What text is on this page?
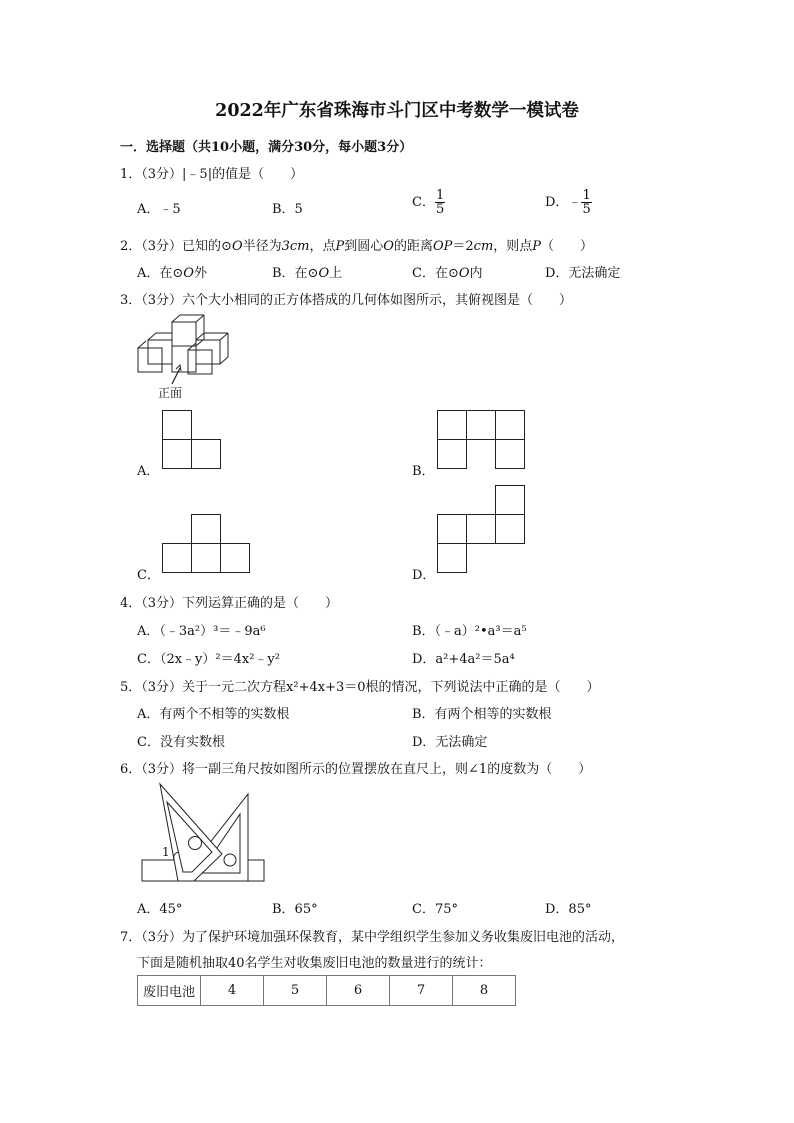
2022年广东省珠海市斗门区中考数学一模试卷
一．选择题（共10小题，满分30分，每小题3分）
1．（3分）|﹣5|的值是（　　）
A．﹣5	B．5	C． $\frac{1}{5}$	D．﹣ $\frac{1}{5}$
2．（3分）已知的⊙O半径为3cm，点P到圆心O的距离OP＝2cm，则点P（　　）
A．在⊙O外	B．在⊙O上	C．在⊙O内	D．无法确定
3．（3分）六个大小相同的正方体搭成的几何体如图所示，其俯视图是（　　）
正面
A．	B．
C．	D．
4．（3分）下列运算正确的是（　　）
A．（﹣3a²）³＝﹣9a⁶	B．（﹣a）²•a³＝a⁵
C．（2x﹣y）²＝4x²﹣y²	D．a²+4a²＝5a⁴
5．（3分）关于一元二次方程x²+4x+3＝0根的情况，下列说法中正确的是（　　）
A．有两个不相等的实数根	B．有两个相等的实数根
C．没有实数根	D．无法确定
6．（3分）将一副三角尺按如图所示的位置摆放在直尺上，则∠1的度数为（　　）
1
A．45°	B．65°	C．75°	D．85°
7．（3分）为了保护环境加强环保教育，某中学组织学生参加义务收集废旧电池的活动，
下面是随机抽取40名学生对收集废旧电池的数量进行的统计：
废旧电池	4	5	6	7	8
